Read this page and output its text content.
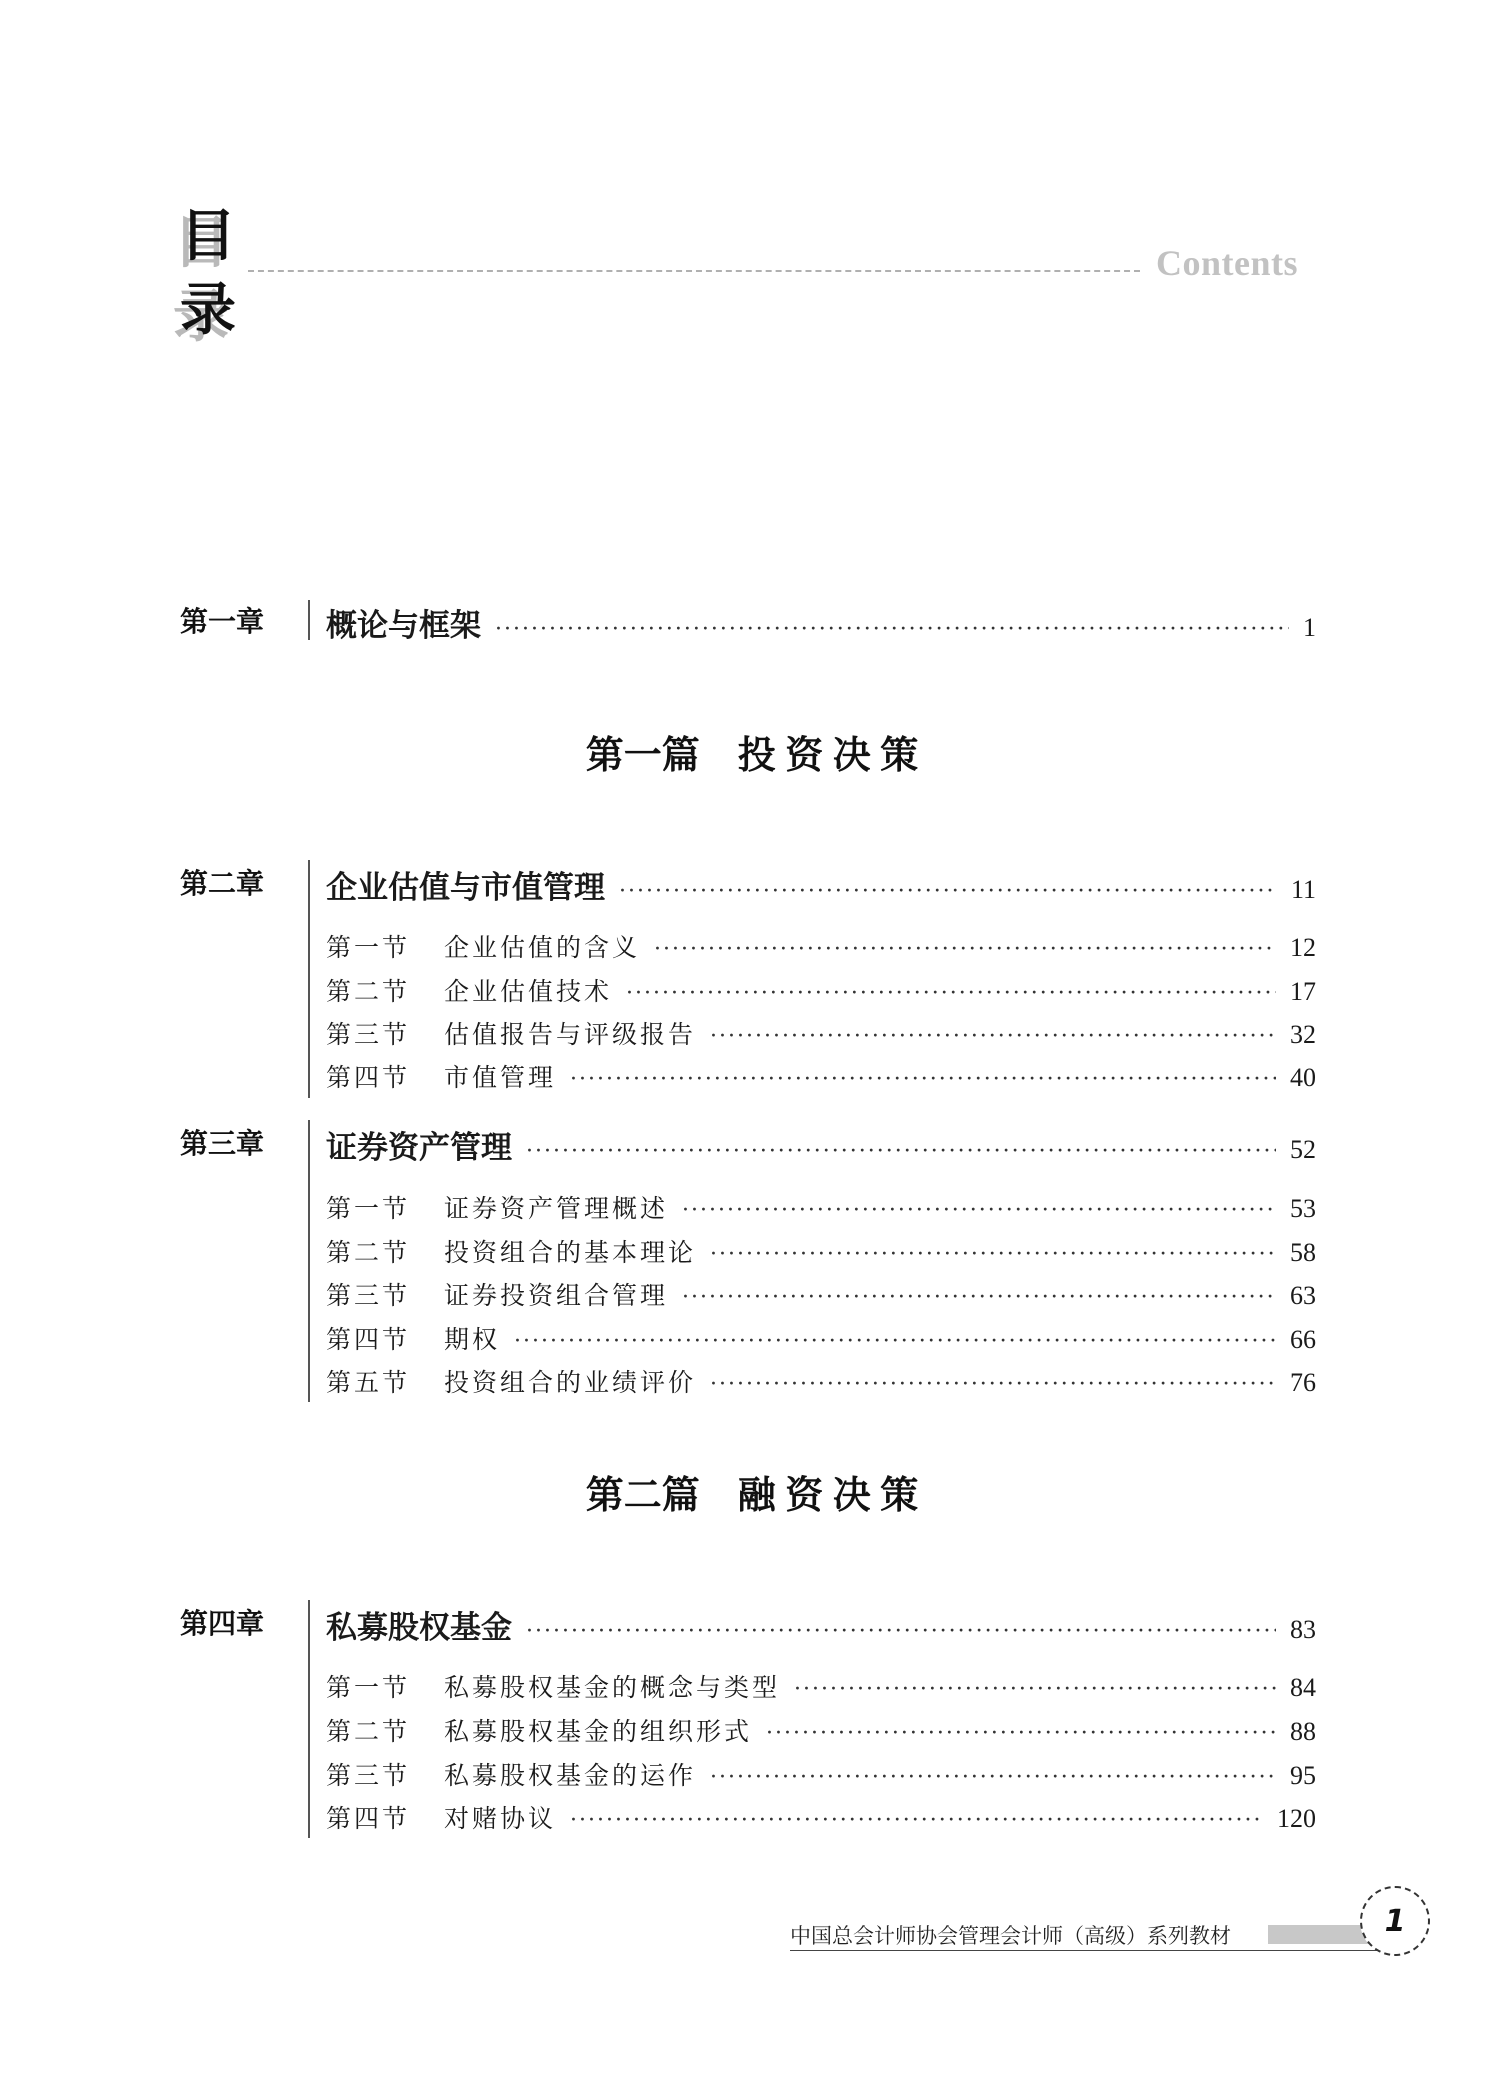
目
录
Contents
第一章 概论与框架 ·····	1
第一篇 投 资 决 策
第二章 企业估值与市值管理 ·····	11
第一节	企业估值的含义 ·····	12
第二节	企业估值技术 ·····	17
第三节	估值报告与评级报告 ·····	32
第四节	市值管理 ·····	40
第三章 证券资产管理 ·····	52
第一节	证券资产管理概述 ·····	53
第二节	投资组合的基本理论 ·····	58
第三节	证券投资组合管理 ·····	63
第四节	期权 ·····	66
第五节	投资组合的业绩评价 ·····	76
第二篇 融 资 决 策
第四章 私募股权基金 ·····	83
第一节	私募股权基金的概念与类型 ·····	84
第二节	私募股权基金的组织形式 ·····	88
第三节	私募股权基金的运作 ·····	95
第四节	对赌协议 ·····	120
中国总会计师协会管理会计师（高级）系列教材	1
